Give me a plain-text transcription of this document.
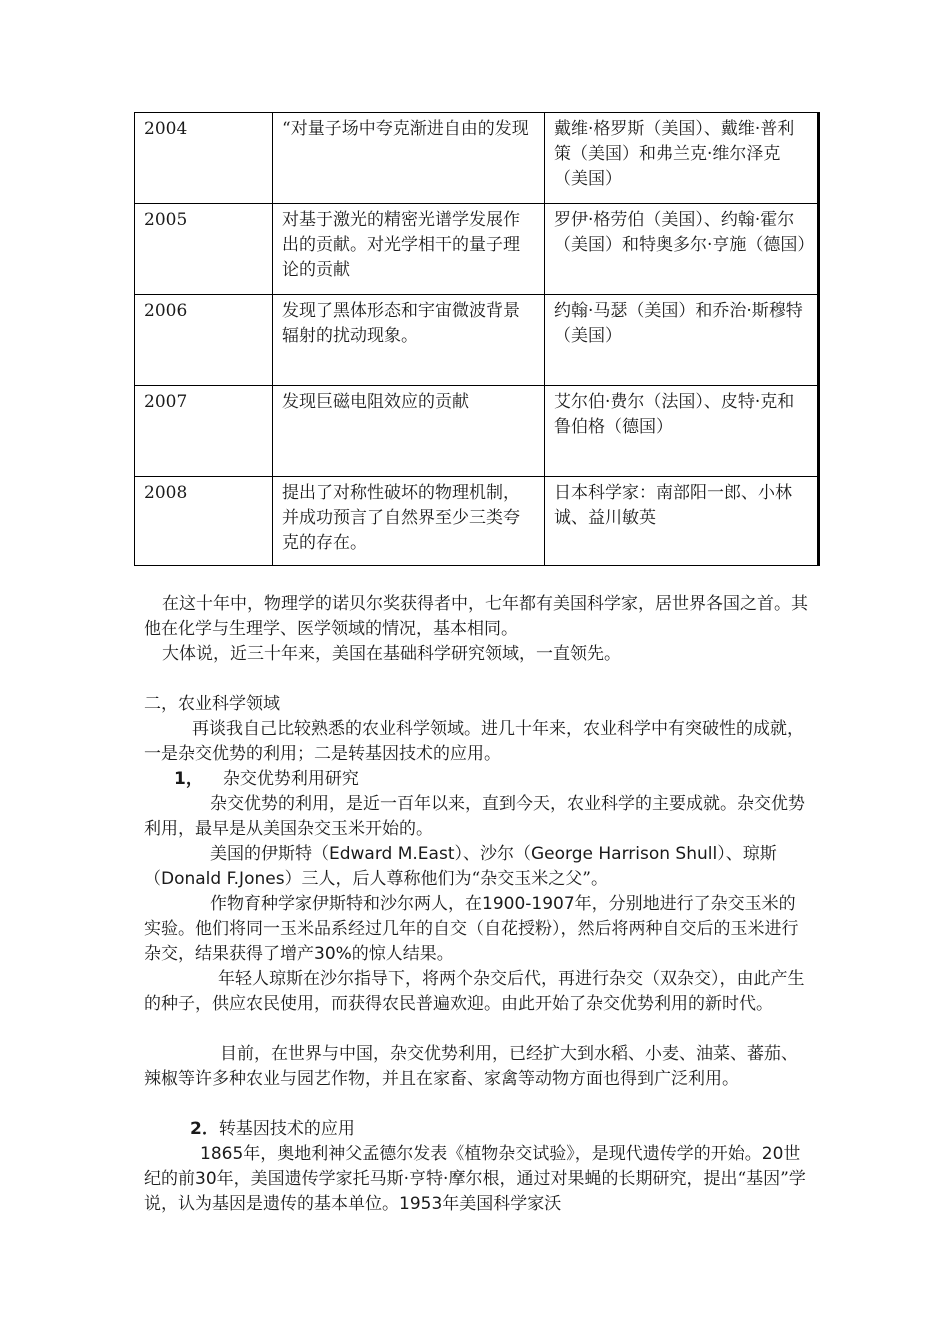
2004	“对量子场中夸克渐进自由的发现	戴维·格罗斯（美国）、戴维·普利策（美国）和弗兰克·维尔泽克（美国）
2005	对基于激光的精密光谱学发展作出的贡献。对光学相干的量子理论的贡献	罗伊·格劳伯（美国）、约翰·霍尔（美国）和特奥多尔·亨施（德国）
2006	发现了黑体形态和宇宙微波背景辐射的扰动现象。	约翰·马瑟（美国）和乔治·斯穆特（美国）
2007	发现巨磁电阻效应的贡献	艾尔伯·费尔（法国）、皮特·克和鲁伯格（德国）
2008	提出了对称性破坏的物理机制，并成功预言了自然界至少三类夸克的存在。	日本科学家：南部阳一郎、小林诚、益川敏英

在这十年中，物理学的诺贝尔奖获得者中，七年都有美国科学家，居世界各国之首。其他在化学与生理学、医学领域的情况，基本相同。

大体说，近三十年来，美国在基础科学研究领域，一直领先。

二，农业科学领域

再谈我自己比较熟悉的农业科学领域。进几十年来，农业科学中有突破性的成就，一是杂交优势的利用；二是转基因技术的应用。

1， 杂交优势利用研究

杂交优势的利用，是近一百年以来，直到今天，农业科学的主要成就。杂交优势利用，最早是从美国杂交玉米开始的。

美国的伊斯特（Edward M.East）、沙尔（George Harrison Shull）、琼斯（Donald F.Jones）三人，后人尊称他们为“杂交玉米之父”。

作物育种学家伊斯特和沙尔两人，在1900-1907年，分别地进行了杂交玉米的实验。他们将同一玉米品系经过几年的自交（自花授粉），然后将两种自交后的玉米进行杂交，结果获得了增产30%的惊人结果。

年轻人琼斯在沙尔指导下，将两个杂交后代，再进行杂交（双杂交），由此产生的种子，供应农民使用，而获得农民普遍欢迎。由此开始了杂交优势利用的新时代。

目前，在世界与中国，杂交优势利用，已经扩大到水稻、小麦、油菜、蕃茄、辣椒等许多种农业与园艺作物，并且在家畜、家禽等动物方面也得到广泛利用。

2．转基因技术的应用

1865年，奥地利神父孟德尔发表《植物杂交试验》，是现代遗传学的开始。20世纪的前30年，美国遗传学家托马斯·亨特·摩尔根，通过对果蝇的长期研究，提出“基因”学说，认为基因是遗传的基本单位。1953年美国科学家沃
